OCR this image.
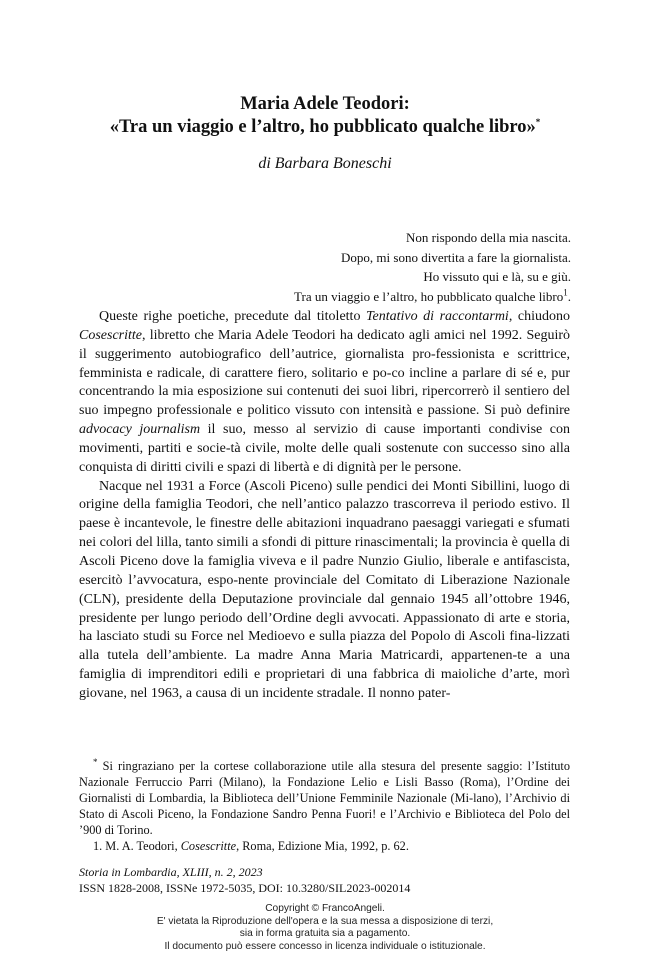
Maria Adele Teodori:
«Tra un viaggio e l’altro, ho pubblicato qualche libro»*
di Barbara Boneschi
Non rispondo della mia nascita.
Dopo, mi sono divertita a fare la giornalista.
Ho vissuto qui e là, su e giù.
Tra un viaggio e l’altro, ho pubblicato qualche libro$^1$.

Queste righe poetiche, precedute dal titoletto Tentativo di raccontarmi, chiudono Cosescritte, libretto che Maria Adele Teodori ha dedicato agli amici nel 1992. Seguirò il suggerimento autobiografico dell’autrice, giornalista pro-fessionista e scrittrice, femminista e radicale, di carattere fiero, solitario e po-co incline a parlare di sé e, pur concentrando la mia esposizione sui contenuti dei suoi libri, ripercorrerò il sentiero del suo impegno professionale e politico vissuto con intensità e passione. Si può definire advocacy journalism il suo, messo al servizio di cause importanti condivise con movimenti, partiti e socie-tà civile, molte delle quali sostenute con successo sino alla conquista di diritti civili e spazi di libertà e di dignità per le persone.

Nacque nel 1931 a Force (Ascoli Piceno) sulle pendici dei Monti Sibillini, luogo di origine della famiglia Teodori, che nell’antico palazzo trascorreva il periodo estivo. Il paese è incantevole, le finestre delle abitazioni inquadrano paesaggi variegati e sfumati nei colori del lilla, tanto simili a sfondi di pitture rinascimentali; la provincia è quella di Ascoli Piceno dove la famiglia viveva e il padre Nunzio Giulio, liberale e antifascista, esercitò l’avvocatura, espo-nente provinciale del Comitato di Liberazione Nazionale (CLN), presidente della Deputazione provinciale dal gennaio 1945 all’ottobre 1946, presidente per lungo periodo dell’Ordine degli avvocati. Appassionato di arte e storia, ha lasciato studi su Force nel Medioevo e sulla piazza del Popolo di Ascoli fina-lizzati alla tutela dell’ambiente. La madre Anna Maria Matricardi, appartenen-te a una famiglia di imprenditori edili e proprietari di una fabbrica di maioliche d’arte, morì giovane, nel 1963, a causa di un incidente stradale. Il nonno pater-

* Si ringraziano per la cortese collaborazione utile alla stesura del presente saggio: l’Istituto Nazionale Ferruccio Parri (Milano), la Fondazione Lelio e Lisli Basso (Roma), l’Ordine dei Giornalisti di Lombardia, la Biblioteca dell’Unione Femminile Nazionale (Mi-lano), l’Archivio di Stato di Ascoli Piceno, la Fondazione Sandro Penna Fuori! e l’Archivio e Biblioteca del Polo del ’900 di Torino.

1. M. A. Teodori, Cosescritte, Roma, Edizione Mia, 1992, p. 62.

Storia in Lombardia, XLIII, n. 2, 2023
ISSN 1828-2008, ISSNe 1972-5035, DOI: 10.3280/SIL2023-002014
Copyright © FrancoAngeli.
E' vietata la Riproduzione dell'opera e la sua messa a disposizione di terzi,
sia in forma gratuita sia a pagamento.
Il documento può essere concesso in licenza individuale o istituzionale.
